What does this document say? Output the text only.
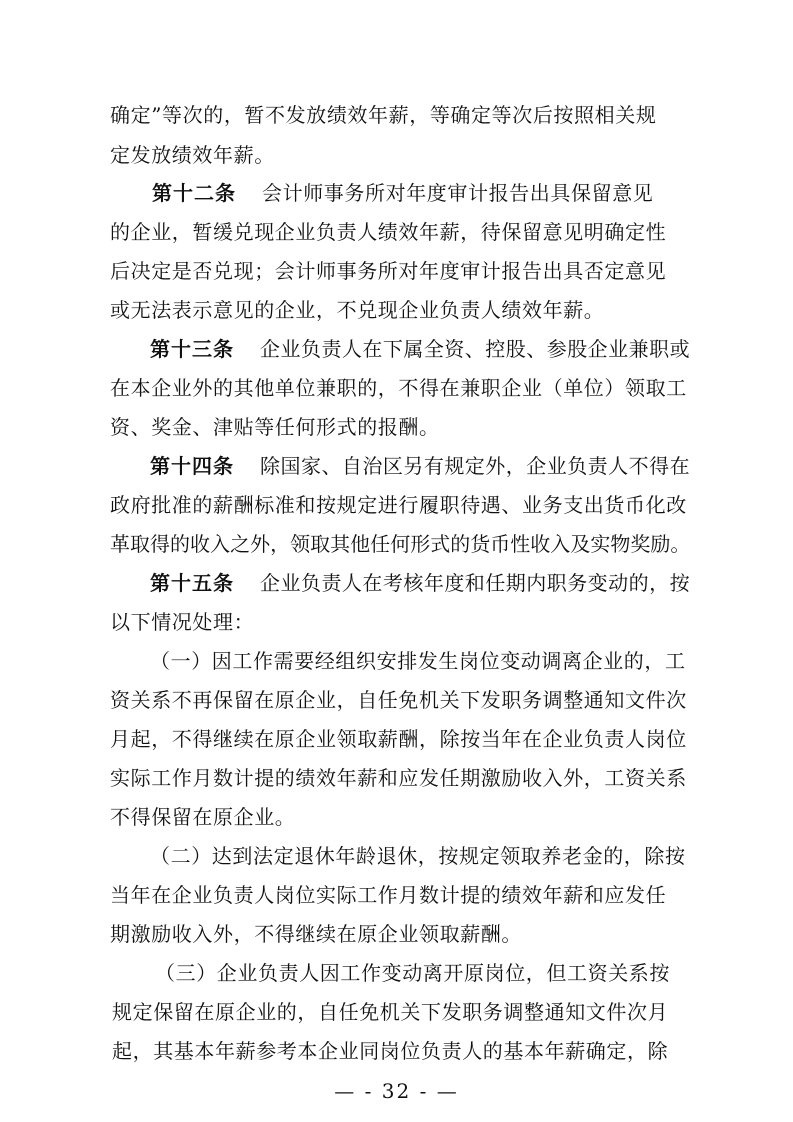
确定”等次的，暂不发放绩效年薪，等确定等次后按照相关规
定发放绩效年薪。
第十二条 会计师事务所对年度审计报告出具保留意见
的企业，暂缓兑现企业负责人绩效年薪，待保留意见明确定性
后决定是否兑现；会计师事务所对年度审计报告出具否定意见
或无法表示意见的企业，不兑现企业负责人绩效年薪。
第十三条 企业负责人在下属全资、控股、参股企业兼职或
在本企业外的其他单位兼职的，不得在兼职企业（单位）领取工
资、奖金、津贴等任何形式的报酬。
第十四条 除国家、自治区另有规定外，企业负责人不得在
政府批准的薪酬标准和按规定进行履职待遇、业务支出货币化改
革取得的收入之外，领取其他任何形式的货币性收入及实物奖励。
第十五条 企业负责人在考核年度和任期内职务变动的，按
以下情况处理：
（一）因工作需要经组织安排发生岗位变动调离企业的，工
资关系不再保留在原企业，自任免机关下发职务调整通知文件次
月起，不得继续在原企业领取薪酬，除按当年在企业负责人岗位
实际工作月数计提的绩效年薪和应发任期激励收入外，工资关系
不得保留在原企业。
（二）达到法定退休年龄退休，按规定领取养老金的，除按
当年在企业负责人岗位实际工作月数计提的绩效年薪和应发任
期激励收入外，不得继续在原企业领取薪酬。
（三）企业负责人因工作变动离开原岗位，但工资关系按
规定保留在原企业的，自任免机关下发职务调整通知文件次月
起，其基本年薪参考本企业同岗位负责人的基本年薪确定，除
— - 32 - —
